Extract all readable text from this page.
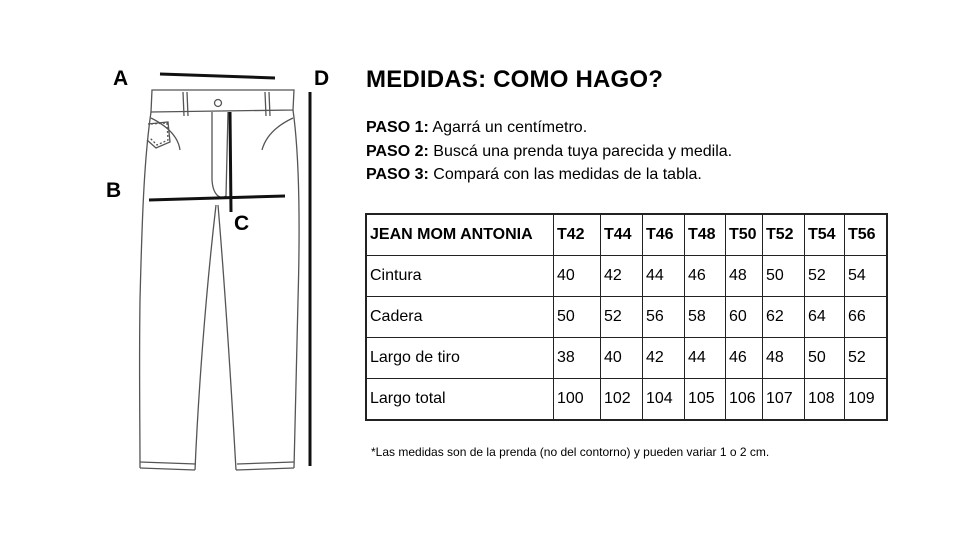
A
B
C
D MEDIDAS: COMO HAGO?
PASO 1: Agarrá un centímetro.
PASO 2: Buscá una prenda tuya parecida y medila.
PASO 3: Compará con las medidas de la tabla.
JEAN MOM ANTONIA	T42	T44	T46	T48	T50	T52	T54	T56
Cintura	40	42	44	46	48	50	52	54
Cadera	50	52	56	58	60	62	64	66
Largo de tiro	38	40	42	44	46	48	50	52
Largo total	100	102	104	105	106	107	108	109
*Las medidas son de la prenda (no del contorno) y pueden variar 1 o 2 cm.
